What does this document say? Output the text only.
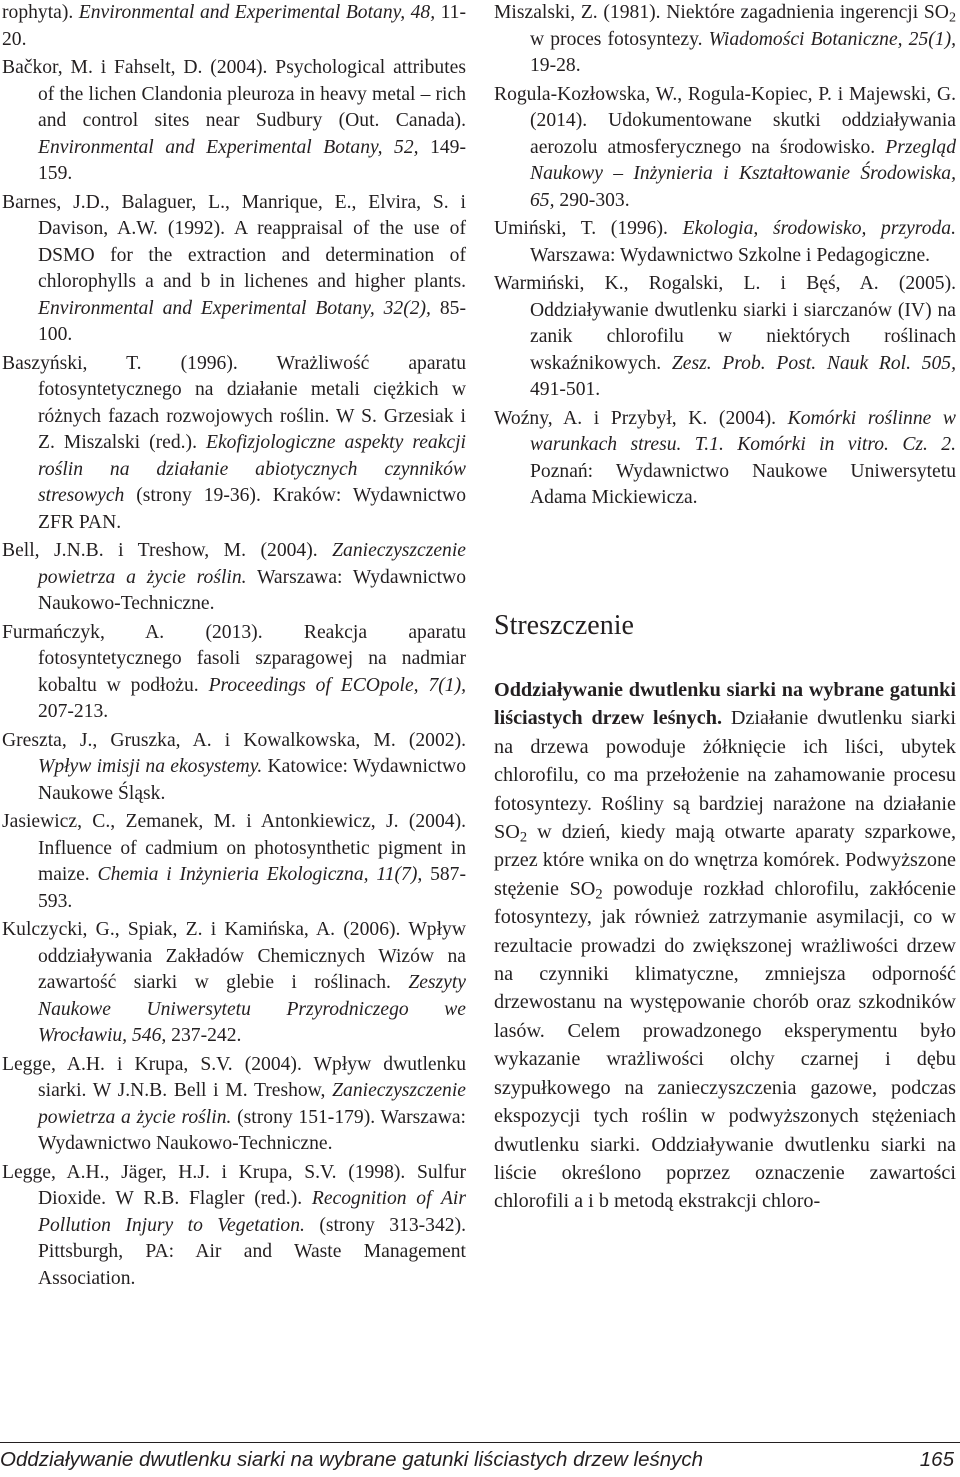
rophyta). Environmental and Experimental Botany, 48, 11-20.

Bačkor, M. i Fahselt, D. (2004). Psychological attributes of the lichen Clandonia pleuroza in heavy metal – rich and control sites near Sudbury (Out. Canada). Environmental and Experimental Botany, 52, 149-159.

Barnes, J.D., Balaguer, L., Manrique, E., Elvira, S. i Davison, A.W. (1992). A reappraisal of the use of DSMO for the extraction and determination of chlorophylls a and b in lichenes and higher plants. Environmental and Experimental Botany, 32(2), 85-100.

Baszyński, T. (1996). Wrażliwość aparatu fotosyntetycznego na działanie metali ciężkich w różnych fazach rozwojowych roślin. W S. Grzesiak i Z. Miszalski (red.). Ekofizjologiczne aspekty reakcji roślin na działanie abiotycznych czynników stresowych (strony 19-36). Kraków: Wydawnictwo ZFR PAN.

Bell, J.N.B. i Treshow, M. (2004). Zanieczyszczenie powietrza a życie roślin. Warszawa: Wydawnictwo Naukowo-Techniczne.

Furmańczyk, A. (2013). Reakcja aparatu fotosyntetycznego fasoli szparagowej na nadmiar kobaltu w podłożu. Proceedings of ECOpole, 7(1), 207-213.

Greszta, J., Gruszka, A. i Kowalkowska, M. (2002). Wpływ imisji na ekosystemy. Katowice: Wydawnictwo Naukowe Śląsk.

Jasiewicz, C., Zemanek, M. i Antonkiewicz, J. (2004). Influence of cadmium on photosynthetic pigment in maize. Chemia i Inżynieria Ekologiczna, 11(7), 587-593.

Kulczycki, G., Spiak, Z. i Kamińska, A. (2006). Wpływ oddziaływania Zakładów Chemicznych Wizów na zawartość siarki w glebie i roślinach. Zeszyty Naukowe Uniwersytetu Przyrodniczego we Wrocławiu, 546, 237-242.

Legge, A.H. i Krupa, S.V. (2004). Wpływ dwutlenku siarki. W J.N.B. Bell i M. Treshow, Zanieczyszczenie powietrza a życie roślin. (strony 151-179). Warszawa: Wydawnictwo Naukowo-Techniczne.

Legge, A.H., Jäger, H.J. i Krupa, S.V. (1998). Sulfur Dioxide. W R.B. Flagler (red.). Recognition of Air Pollution Injury to Vegetation. (strony 313-342). Pittsburgh, PA: Air and Waste Management Association.

Miszalski, Z. (1981). Niektóre zagadnienia ingerencji $SO_2$ w proces fotosyntezy. Wiadomości Botaniczne, 25(1), 19-28.

Rogula-Kozłowska, W., Rogula-Kopiec, P. i Majewski, G. (2014). Udokumentowane skutki oddziaływania aerozolu atmosferycznego na środowisko. Przegląd Naukowy – Inżynieria i Kształtowanie Środowiska, 65, 290-303.

Umiński, T. (1996). Ekologia, środowisko, przyroda. Warszawa: Wydawnictwo Szkolne i Pedagogiczne.

Warmiński, K., Rogalski, L. i Bęś, A. (2005). Oddziaływanie dwutlenku siarki i siarczanów (IV) na zanik chlorofilu w niektórych roślinach wskaźnikowych. Zesz. Prob. Post. Nauk Rol. 505, 491-501.

Woźny, A. i Przybył, K. (2004). Komórki roślinne w warunkach stresu. T.1. Komórki in vitro. Cz. 2. Poznań: Wydawnictwo Naukowe Uniwersytetu Adama Mickiewicza.

Streszczenie

Oddziaływanie dwutlenku siarki na wybrane gatunki liściastych drzew leśnych. Działanie dwutlenku siarki na drzewa powoduje żółknięcie ich liści, ubytek chlorofilu, co ma przełożenie na zahamowanie procesu fotosyntezy. Rośliny są bardziej narażone na działanie $SO_2$ w dzień, kiedy mają otwarte aparaty szparkowe, przez które wnika on do wnętrza komórek. Podwyższone stężenie $SO_2$ powoduje rozkład chlorofilu, zakłócenie fotosyntezy, jak również zatrzymanie asymilacji, co w rezultacie prowadzi do zwiększonej wrażliwości drzew na czynniki klimatyczne, zmniejsza odporność drzewostanu na występowanie chorób oraz szkodników lasów. Celem prowadzonego eksperymentu było wykazanie wrażliwości olchy czarnej i dębu szypułkowego na zanieczyszczenia gazowe, podczas ekspozycji tych roślin w podwyższonych stężeniach dwutlenku siarki. Oddziaływanie dwutlenku siarki na liście określono poprzez oznaczenie zawartości chlorofili a i b metodą ekstrakcji chloro-

Oddziaływanie dwutlenku siarki na wybrane gatunki liściastych drzew leśnych	165
